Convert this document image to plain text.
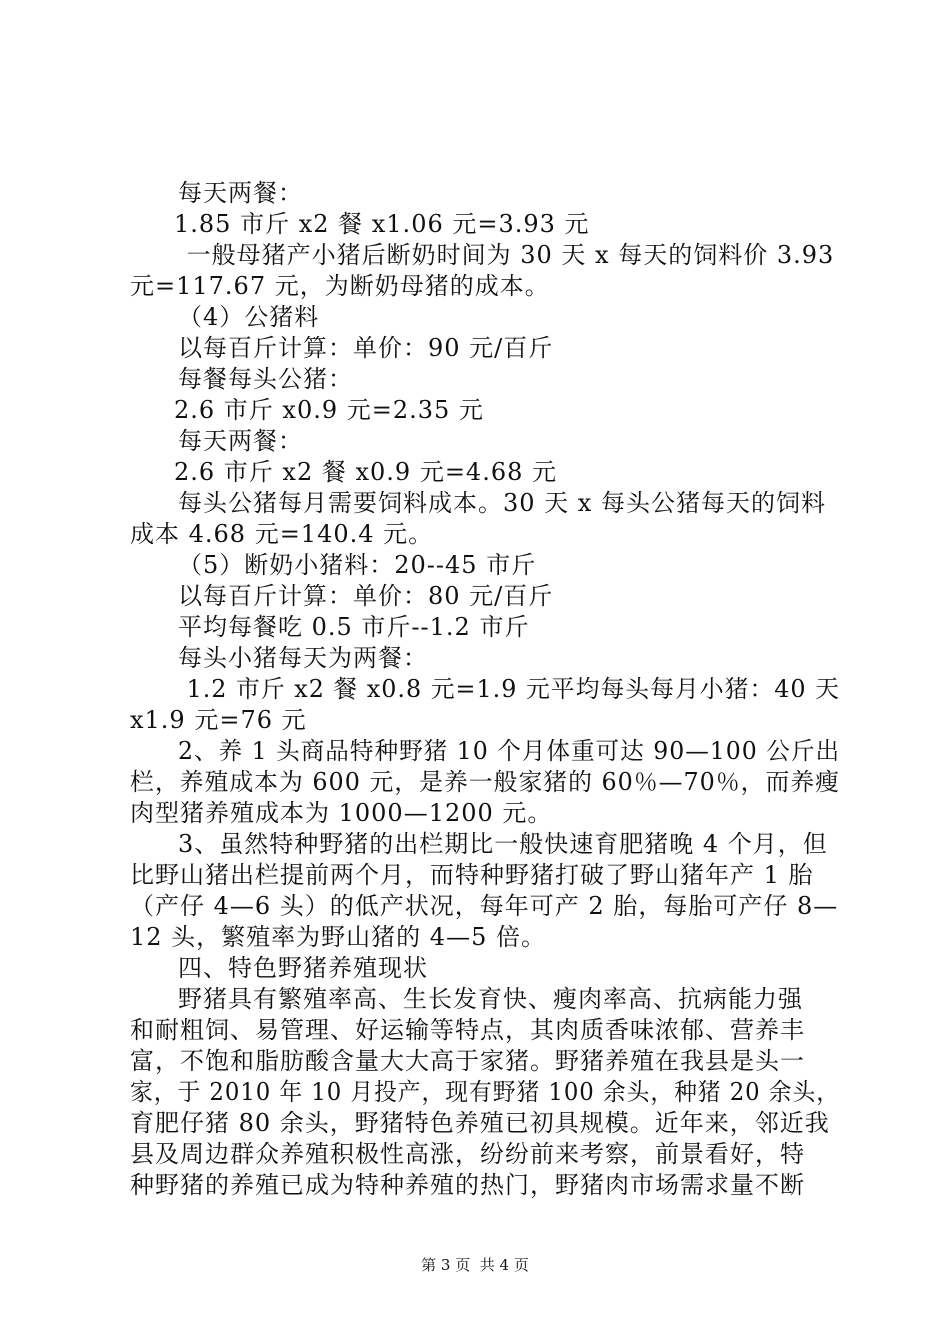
每天两餐：
1.85 市斤 x2 餐 x1.06 元=3.93 元
一般母猪产小猪后断奶时间为 30 天 x 每天的饲料价 3.93
元=117.67 元，为断奶母猪的成本。
（4）公猪料
以每百斤计算：单价：90 元/百斤
每餐每头公猪：
2.6 市斤 x0.9 元=2.35 元
每天两餐：
2.6 市斤 x2 餐 x0.9 元=4.68 元
每头公猪每月需要饲料成本。30 天 x 每头公猪每天的饲料
成本 4.68 元=140.4 元。
（5）断奶小猪料：20--45 市斤
以每百斤计算：单价：80 元/百斤
平均每餐吃 0.5 市斤--1.2 市斤
每头小猪每天为两餐：
1.2 市斤 x2 餐 x0.8 元=1.9 元平均每头每月小猪：40 天
x1.9 元=76 元
2、养 1 头商品特种野猪 10 个月体重可达 90—100 公斤出
栏，养殖成本为 600 元，是养一般家猪的 60％—70％，而养瘦
肉型猪养殖成本为 1000—1200 元。
3、虽然特种野猪的出栏期比一般快速育肥猪晚 4 个月，但
比野山猪出栏提前两个月，而特种野猪打破了野山猪年产 1 胎
（产仔 4—6 头）的低产状况，每年可产 2 胎，每胎可产仔 8—
12 头，繁殖率为野山猪的 4—5 倍。
四、特色野猪养殖现状
野猪具有繁殖率高、生长发育快、瘦肉率高、抗病能力强
和耐粗饲、易管理、好运输等特点，其肉质香味浓郁、营养丰
富，不饱和脂肪酸含量大大高于家猪。野猪养殖在我县是头一
家，于 2010 年 10 月投产，现有野猪 100 余头，种猪 20 余头，
育肥仔猪 80 余头，野猪特色养殖已初具规模。近年来，邻近我
县及周边群众养殖积极性高涨，纷纷前来考察，前景看好，特
种野猪的养殖已成为特种养殖的热门，野猪肉市场需求量不断
第 3 页  共 4 页
